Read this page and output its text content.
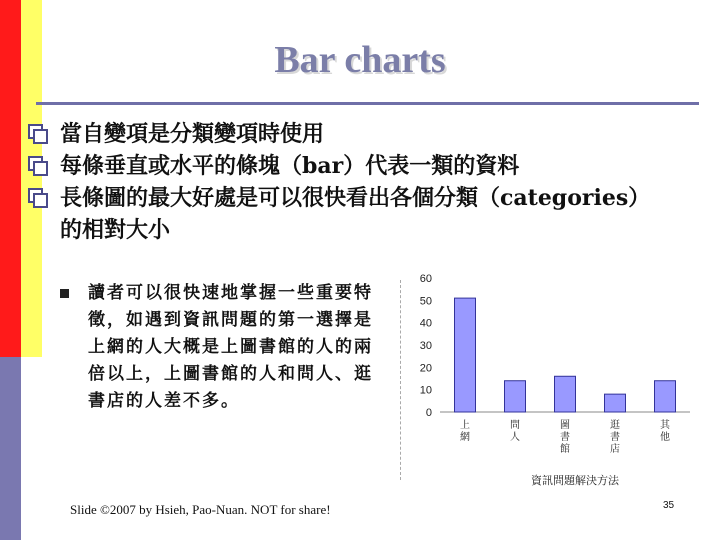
Bar charts
當自變項是分類變項時使用
每條垂直或水平的條塊（bar）代表一類的資料
長條圖的最大好處是可以很快看出各個分類（categories）的相對大小
讀者可以很快速地掌握一些重要特徵，如遇到資訊問題的第一選擇是上網的人大概是上圖書館的人的兩倍以上，上圖書館的人和問人、逛書店的人差不多。
0
10
20
30
40
50
60
上網
問人
圖書館
逛書店
其他
資訊問題解決方法
Slide ©2007 by Hsieh, Pao-Nuan. NOT for share!	35
